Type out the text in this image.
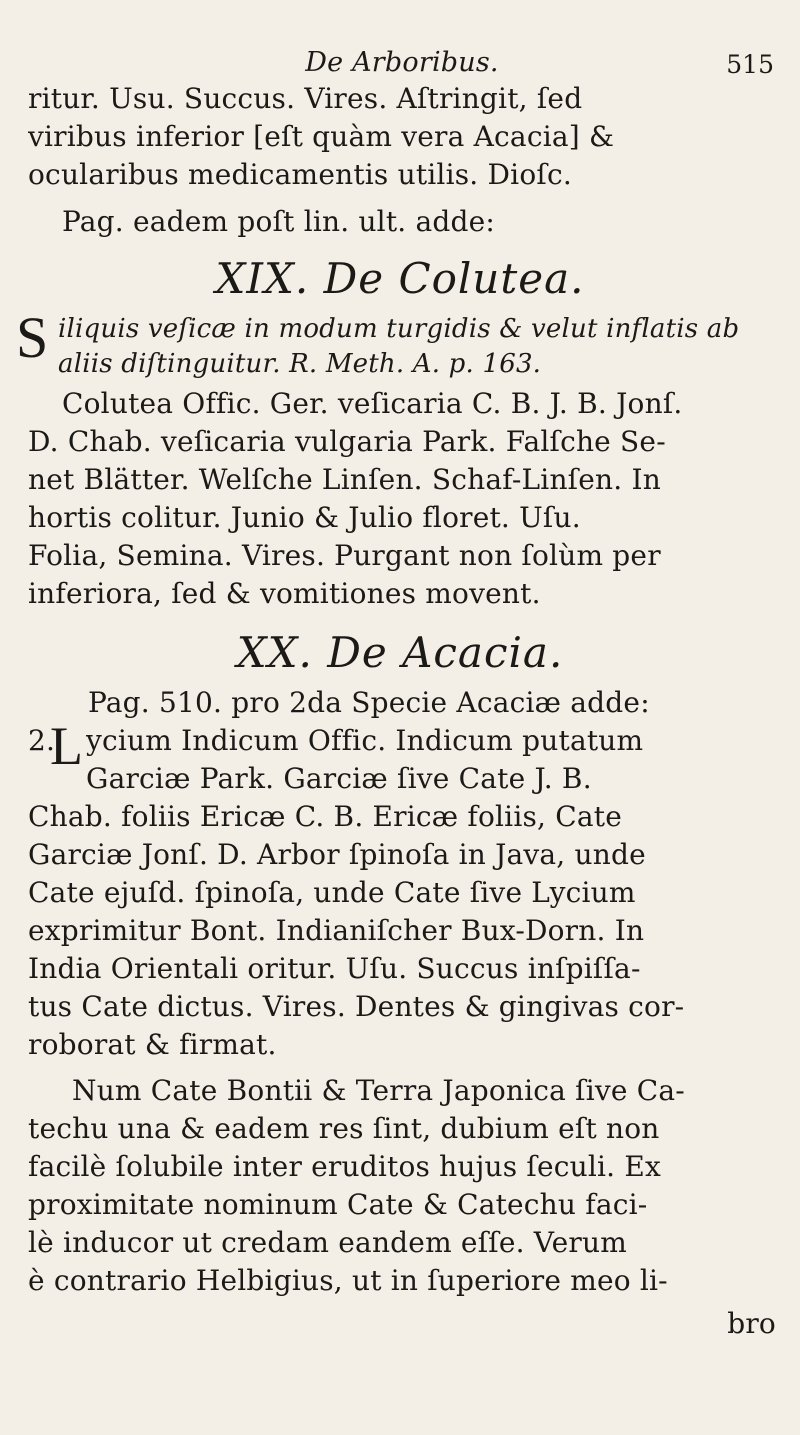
De Arboribus.	515
ritur. Usu. Succus. Vires. Aſtringit, ſed
viribus inferior [eſt quàm vera Acacia] &
ocularibus medicamentis utilis. Dioſc.
Pag. eadem poſt lin. ult. adde:
XIX. De Colutea.
S iliquis veſicæ in modum turgidis & velut inflatis ab
aliis diſtinguitur. R. Meth. A. p. 163.
Colutea Offic. Ger. veſicaria C. B. J. B. Jonſ.
D. Chab. veſicaria vulgaria Park. Falſche Se-
net Blätter. Welſche Linſen. Schaf-Linſen. In
hortis colitur. Junio & Julio floret. Uſu.
Folia, Semina. Vires. Purgant non ſolùm per
inferiora, ſed & vomitiones movent.
XX. De Acacia.
Pag. 510. pro 2da Specie Acaciæ adde:
2.
L ycium Indicum Offic. Indicum putatum
Garciæ Park. Garciæ ſive Cate J. B.
Chab. foliis Ericæ C. B. Ericæ foliis, Cate
Garciæ Jonſ. D. Arbor ſpinoſa in Java, unde
Cate ejuſd. ſpinoſa, unde Cate ſive Lycium
exprimitur Bont. Indianiſcher Bux-Dorn. In
India Orientali oritur. Uſu. Succus inſpiſſa-
tus Cate dictus. Vires. Dentes & gingivas cor-
roborat & firmat.
Num Cate Bontii & Terra Japonica ſive Ca-
techu una & eadem res ſint, dubium eſt non
facilè ſolubile inter eruditos hujus ſeculi. Ex
proximitate nominum Cate & Catechu faci-
lè inducor ut credam eandem eſſe. Verum
è contrario Helbigius, ut in ſuperiore meo li-
bro
